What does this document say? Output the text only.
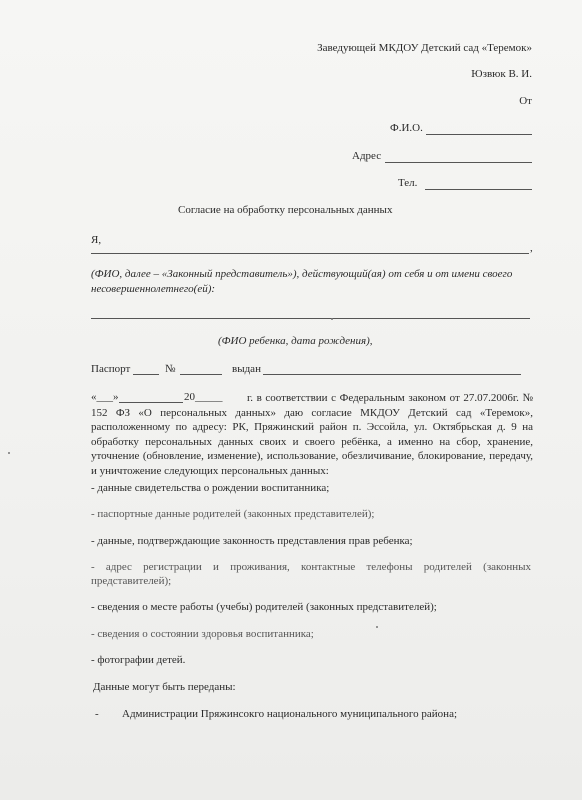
Заведующей МКДОУ Детский сад «Теремок»
Юзвюк В. И.
От
Ф.И.О.
Адрес
Тел.
Согласие на обработку персональных данных
Я,
,
(ФИО, далее – «Законный представитель»), действующий(ая) от себя и от имени своего несовершеннолетнего(ей):
(ФИО ребенка, дата рождения),
Паспорт	№	выдан
«___»	20_____	г. в соответствии с Федеральным законом от 27.07.2006г. № 152 ФЗ «О персональных данных» даю согласие МКДОУ Детский сад «Теремок», расположенному по адресу: РК, Пряжинский район п. Эссойла, ул. Октябрьская д. 9 на обработку персональных данных своих и своего ребёнка, а именно на сбор, хранение, уточнение (обновление, изменение), использование, обезличивание, блокирование, передачу, и уничтожение следующих персональных данных:
- данные свидетельства о рождении воспитанника;
- паспортные данные родителей (законных представителей);
- данные, подтверждающие законность представления прав ребенка;
- адрес регистрации и проживания, контактные телефоны родителей (законных представителей);
- сведения о месте работы (учебы) родителей (законных представителей);
- сведения о состоянии здоровья воспитанника;
- фотографии детей.
Данные могут быть переданы:
- Администрации Пряжинсокго национального муниципального района;
